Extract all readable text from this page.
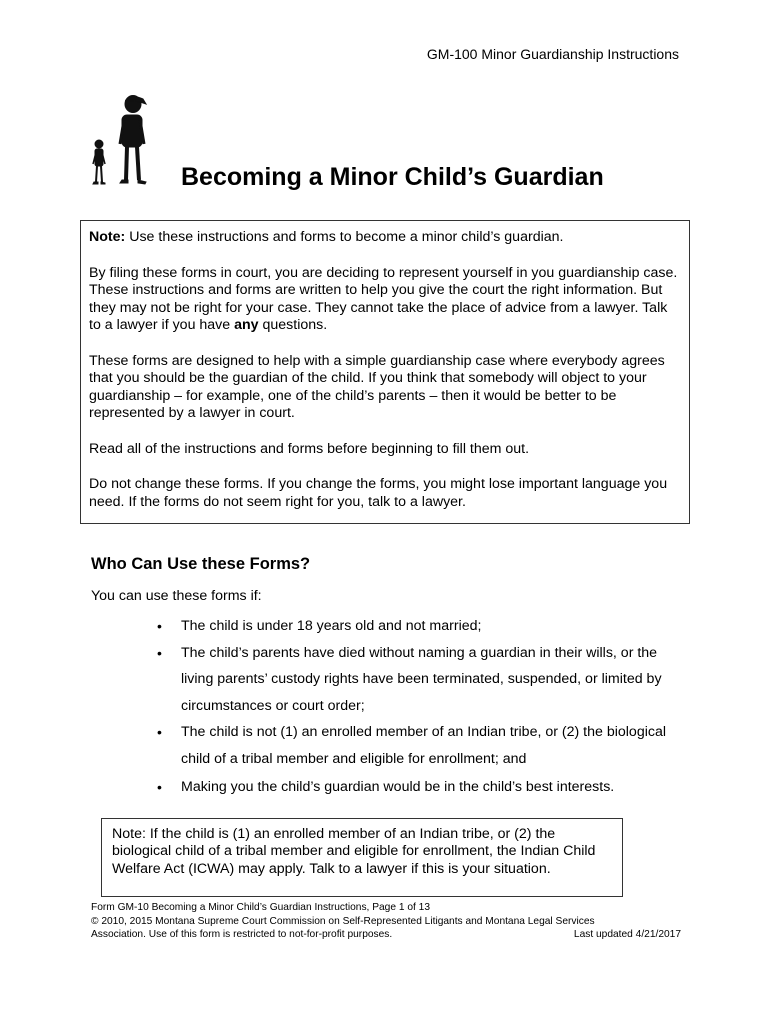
GM-100 Minor Guardianship Instructions
Becoming a Minor Child’s Guardian

Note: Use these instructions and forms to become a minor child’s guardian.

By filing these forms in court, you are deciding to represent yourself in you guardianship case. These instructions and forms are written to help you give the court the right information. But they may not be right for your case. They cannot take the place of advice from a lawyer. Talk to a lawyer if you have any questions.

These forms are designed to help with a simple guardianship case where everybody agrees that you should be the guardian of the child. If you think that somebody will object to your guardianship – for example, one of the child’s parents – then it would be better to be represented by a lawyer in court.

Read all of the instructions and forms before beginning to fill them out.

Do not change these forms. If you change the forms, you might lose important language you need. If the forms do not seem right for you, talk to a lawyer.

Who Can Use these Forms?
You can use these forms if:
• The child is under 18 years old and not married;
• The child’s parents have died without naming a guardian in their wills, or the living parents’ custody rights have been terminated, suspended, or limited by circumstances or court order;
• The child is not (1) an enrolled member of an Indian tribe, or (2) the biological child of a tribal member and eligible for enrollment; and
• Making you the child’s guardian would be in the child’s best interests.
Note: If the child is (1) an enrolled member of an Indian tribe, or (2) the biological child of a tribal member and eligible for enrollment, the Indian Child Welfare Act (ICWA) may apply. Talk to a lawyer if this is your situation.
Form GM-10 Becoming a Minor Child’s Guardian Instructions, Page 1 of 13
© 2010, 2015 Montana Supreme Court Commission on Self-Represented Litigants and Montana Legal Services
Association. Use of this form is restricted to not-for-profit purposes.	Last updated 4/21/2017
